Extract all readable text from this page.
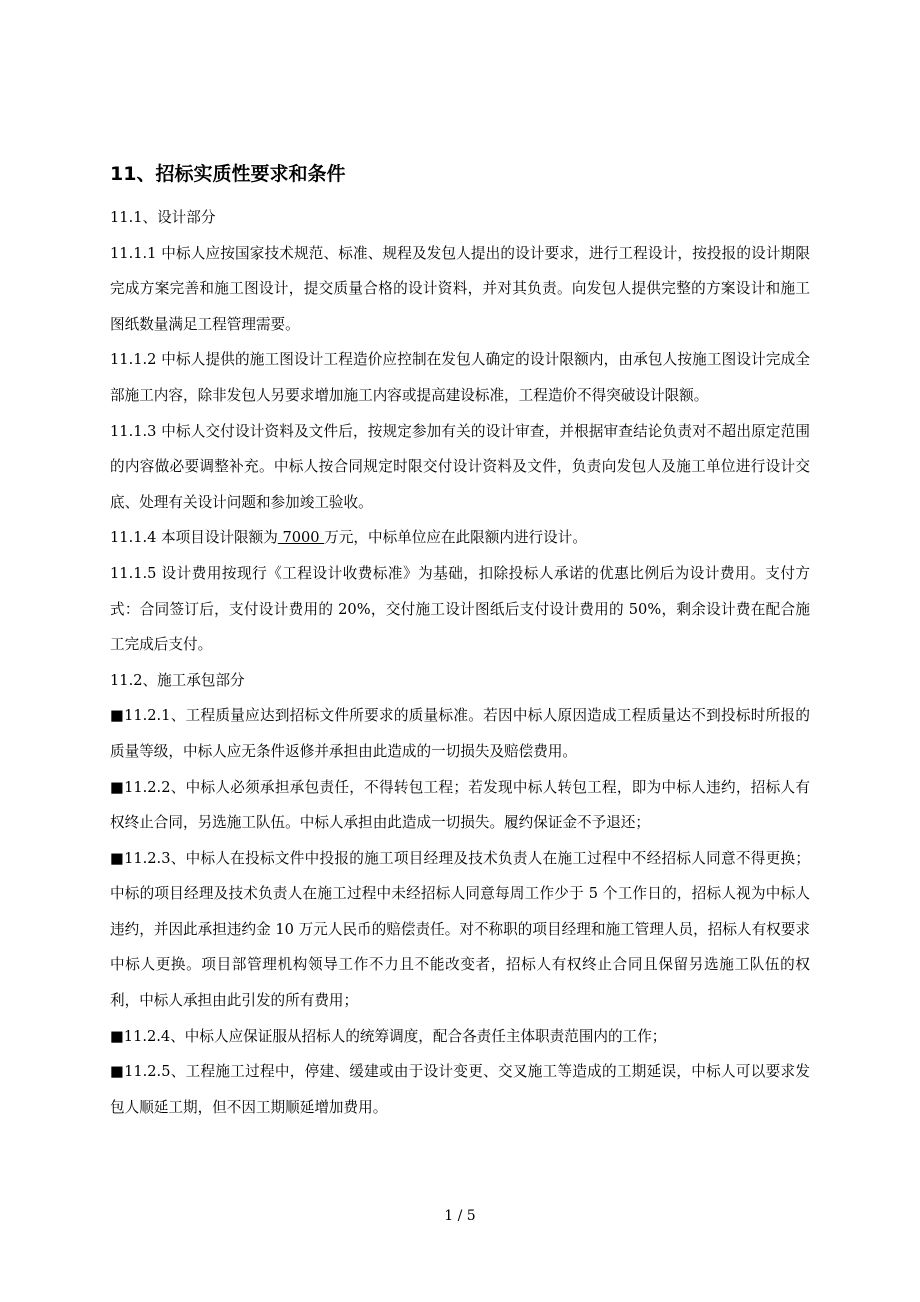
11、招标实质性要求和条件

11.1、设计部分

11.1.1 中标人应按国家技术规范、标准、规程及发包人提出的设计要求，进行工程设计，按投报的设计期限完成方案完善和施工图设计，提交质量合格的设计资料，并对其负责。向发包人提供完整的方案设计和施工图纸数量满足工程管理需要。

11.1.2 中标人提供的施工图设计工程造价应控制在发包人确定的设计限额内，由承包人按施工图设计完成全部施工内容，除非发包人另要求增加施工内容或提高建设标准，工程造价不得突破设计限额。

11.1.3 中标人交付设计资料及文件后，按规定参加有关的设计审查，并根据审查结论负责对不超出原定范围的内容做必要调整补充。中标人按合同规定时限交付设计资料及文件，负责向发包人及施工单位进行设计交底、处理有关设计问题和参加竣工验收。

11.1.4 本项目设计限额为 7000 万元，中标单位应在此限额内进行设计。

11.1.5 设计费用按现行《工程设计收费标准》为基础，扣除投标人承诺的优惠比例后为设计费用。支付方式：合同签订后，支付设计费用的 20%，交付施工设计图纸后支付设计费用的 50%，剩余设计费在配合施工完成后支付。

11.2、施工承包部分

■11.2.1、工程质量应达到招标文件所要求的质量标准。若因中标人原因造成工程质量达不到投标时所报的质量等级，中标人应无条件返修并承担由此造成的一切损失及赔偿费用。

■11.2.2、中标人必须承担承包责任，不得转包工程；若发现中标人转包工程，即为中标人违约，招标人有权终止合同，另选施工队伍。中标人承担由此造成一切损失。履约保证金不予退还；

■11.2.3、中标人在投标文件中投报的施工项目经理及技术负责人在施工过程中不经招标人同意不得更换；中标的项目经理及技术负责人在施工过程中未经招标人同意每周工作少于 5 个工作日的，招标人视为中标人违约，并因此承担违约金 10 万元人民币的赔偿责任。对不称职的项目经理和施工管理人员，招标人有权要求中标人更换。项目部管理机构领导工作不力且不能改变者，招标人有权终止合同且保留另选施工队伍的权利，中标人承担由此引发的所有费用；

■11.2.4、中标人应保证服从招标人的统筹调度，配合各责任主体职责范围内的工作；

■11.2.5、工程施工过程中，停建、缓建或由于设计变更、交叉施工等造成的工期延误，中标人可以要求发包人顺延工期，但不因工期顺延增加费用。

1 / 5
